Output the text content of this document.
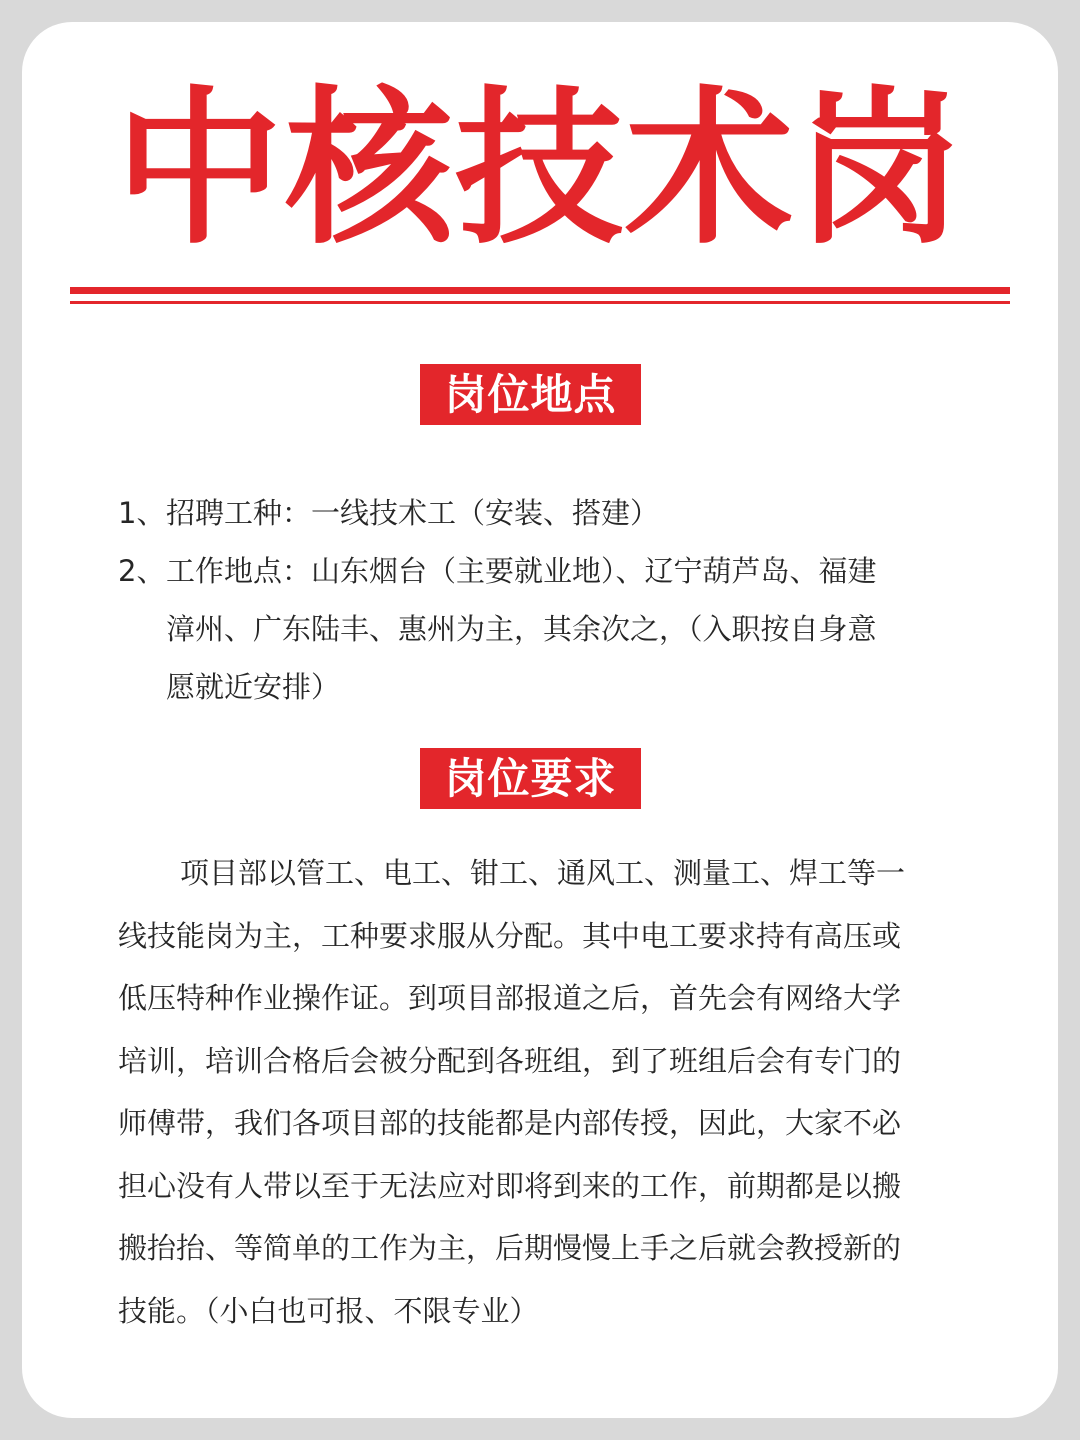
中核技术岗
岗位地点
1、 招聘工种：一线技术工（安装、搭建）
2、 工作地点：山东烟台（主要就业地）、辽宁葫芦岛、福建
漳州、广东陆丰、惠州为主，其余次之，（入职按自身意
愿就近安排）
岗位要求
项目部以管工、电工、钳工、通风工、测量工、焊工等一
线技能岗为主，工种要求服从分配。其中电工要求持有高压或
低压特种作业操作证。到项目部报道之后，首先会有网络大学
培训，培训合格后会被分配到各班组，到了班组后会有专门的
师傅带，我们各项目部的技能都是内部传授，因此，大家不必
担心没有人带以至于无法应对即将到来的工作，前期都是以搬
搬抬抬、等简单的工作为主，后期慢慢上手之后就会教授新的
技能。（小白也可报、不限专业）
